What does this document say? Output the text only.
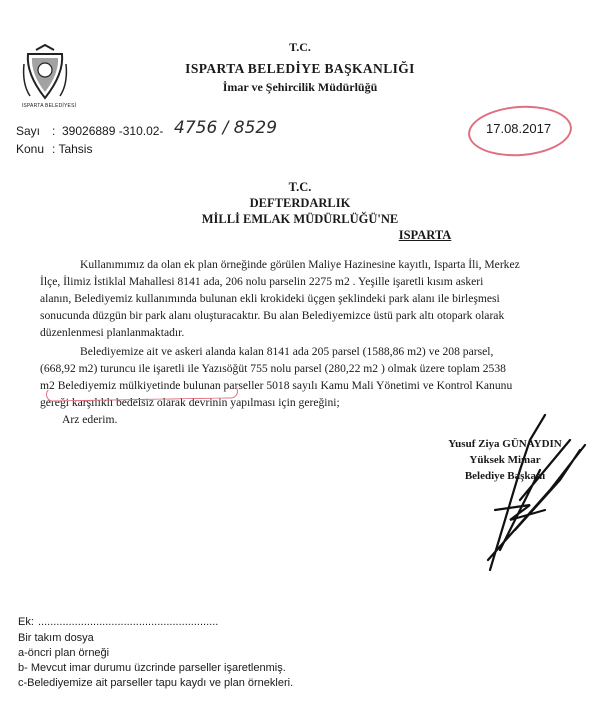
ISPARTA BELEDİYESİ
T.C.
ISPARTA BELEDİYE BAŞKANLIĞI
İmar ve Şehircilik Müdürlüğü
Sayı : 39026889 -310.02- 4756 / 8529
Konu : Tahsis
17.08.2017
T.C.
DEFTERDARLIK
MİLLİ EMLAK MÜDÜRLÜĞÜ'NE
ISPARTA

Kullanımımız da olan ek plan örneğinde görülen Maliye Hazinesine kayıtlı, Isparta İli, Merkez

İlçe, İlimiz İstiklal Mahallesi 8141 ada, 206 nolu parselin 2275 m2 . Yeşille işaretli kısım askeri

alanın, Belediyemiz kullanımında bulunan ekli krokideki üçgen şeklindeki park alanı ile birleşmesi

sonucunda düzgün bir park alanı oluşturacaktır. Bu alan Belediyemizce üstü park altı otopark olarak

düzenlenmesi planlanmaktadır.

Belediyemize ait ve askeri alanda kalan 8141 ada 205 parsel (1588,86 m2) ve 208 parsel,

(668,92 m2) turuncu ile işaretli ile Yazısöğüt 755 nolu parsel (280,22 m2 ) olmak üzere toplam 2538

m2 Belediyemiz mülkiyetinde bulunan parseller 5018 sayılı Kamu Mali Yönetimi ve Kontrol Kanunu

gereği karşılıklı bedelsiz olarak devrinin yapılması için gereğini;

Arz ederim.

Yusuf Ziya GÜNAYDIN
Yüksek Mimar
Belediye Başkanı
Ek: ...........................................................
Bir takım dosya
a-öncri plan örneği
b- Mevcut imar durumu üzcrinde parseller işaretlenmiş.
c-Belediyemize ait parseller tapu kaydı ve plan örnekleri.
